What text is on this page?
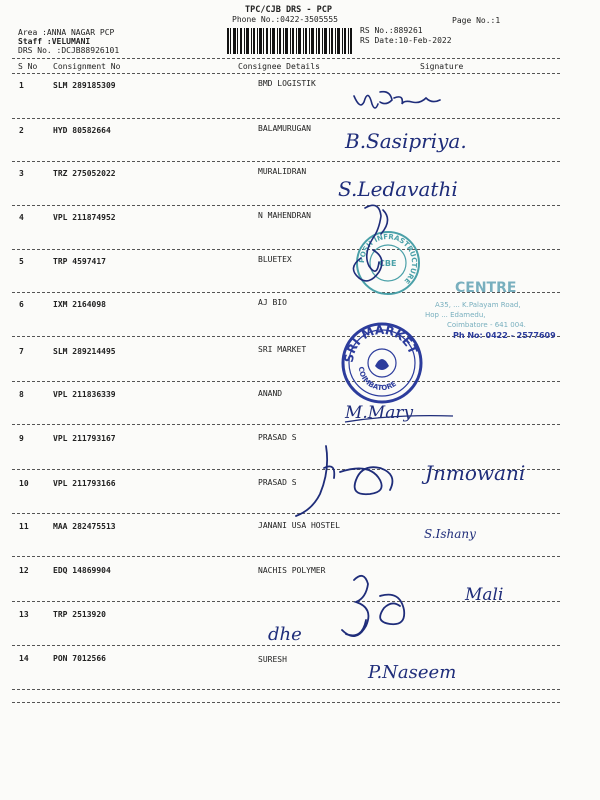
TPC/CJB DRS - PCP
Phone No.:0422-3505555
Area :ANNA NAGAR PCP
Staff :VELUMANI
DRS No. :DCJB88926101
RS No.:889261
RS Date:10-Feb-2022
Page No.:1
S No Consignment No	Consignee Details	Signature
1	SLM 289185309	BMD LOGISTIK
2	HYD 80582664	BALAMURUGAN
3	TRZ 275052022	MURALIDRAN
4	VPL 211874952	N MAHENDRAN
5	TRP 4597417	BLUETEX
6	IXM 2164098	AJ BIO
7	SLM 289214495	SRI MARKET
8	VPL 211836339	ANAND
9	VPL 211793167	PRASAD S
10	VPL 211793166	PRASAD S
11	MAA 282475513	JANANI USA HOSTEL
12	EDQ 14869904	NACHIS POLYMER
13	TRP 2513920
14	PON 7012566	SURESH
CENTRE
A35, ... K.Palayam Road,
Hop ... Edamedu,
Coimbatore - 641 004.
Ph No: 0422 - 2577609
POSH INFRASTRUCTURE
CBE
SRI MARKET
COIMBATORE
B.Sasipriya.
S.Ledavathi
M.Mary
Jnmowani
S.Ishany
dhe
Mali
P.Naseem
V.Prem
